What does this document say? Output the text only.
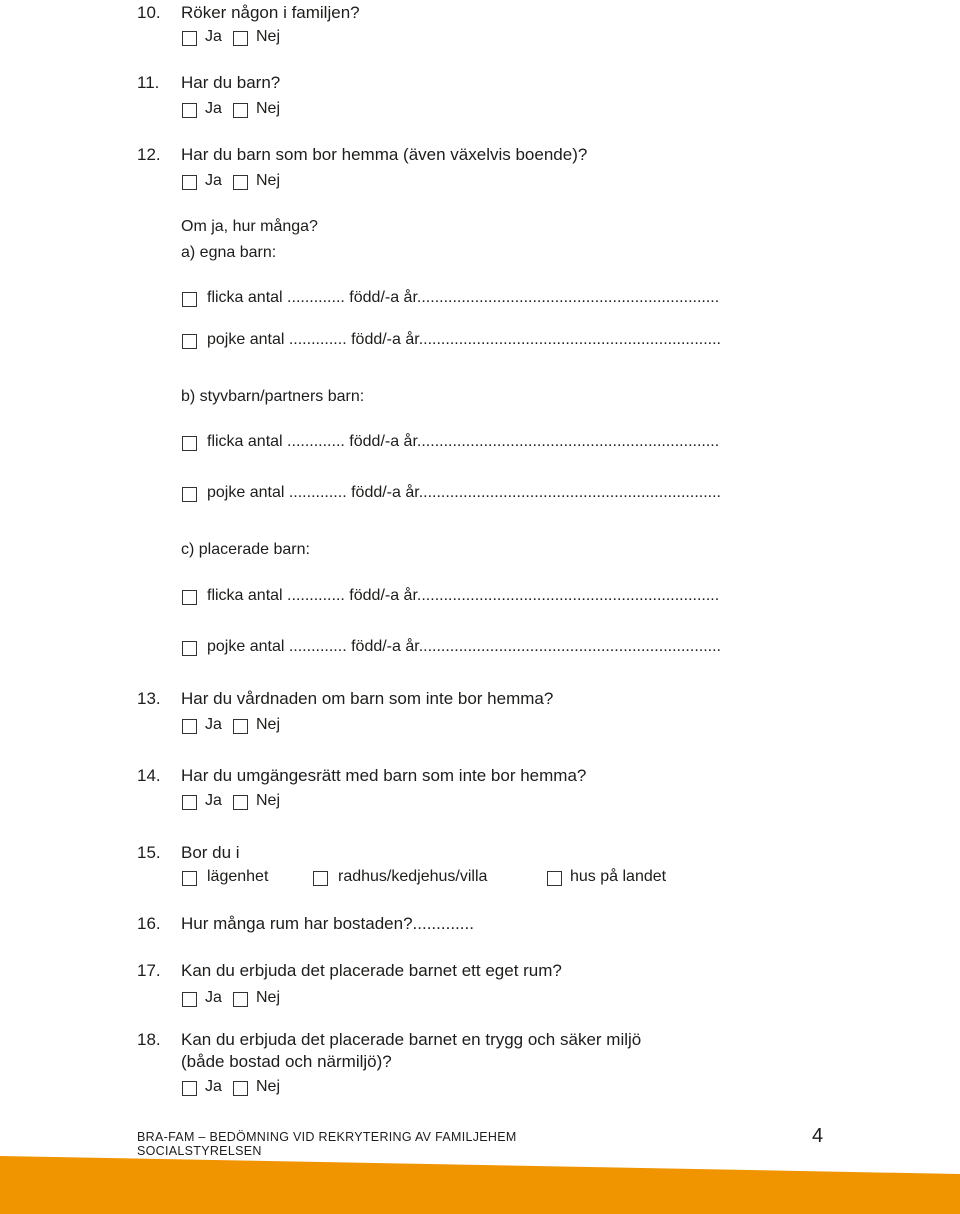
10. Röker någon i familjen?
Ja Nej
11. Har du barn?
Ja Nej
12. Har du barn som bor hemma (även växelvis boende)?
Ja Nej
Om ja, hur många?
a) egna barn:
flicka antal ............. född/-a år....................................................................
pojke antal ............. född/-a år....................................................................
b) styvbarn/partners barn:
flicka antal ............. född/-a år....................................................................
pojke antal ............. född/-a år....................................................................
c) placerade barn:
flicka antal ............. född/-a år....................................................................
pojke antal ............. född/-a år....................................................................
13. Har du vårdnaden om barn som inte bor hemma?
Ja Nej
14. Har du umgängesrätt med barn som inte bor hemma?
Ja Nej
15. Bor du i
lägenhet	radhus/kedjehus/villa	hus på landet
16. Hur många rum har bostaden?.............
17. Kan du erbjuda det placerade barnet ett eget rum?
Ja Nej
18. Kan du erbjuda det placerade barnet en trygg och säker miljö
(både bostad och närmiljö)?
Ja Nej
BRA-FAM – BEDÖMNING VID REKRYTERING AV FAMILJEHEM
SOCIALSTYRELSEN
4
